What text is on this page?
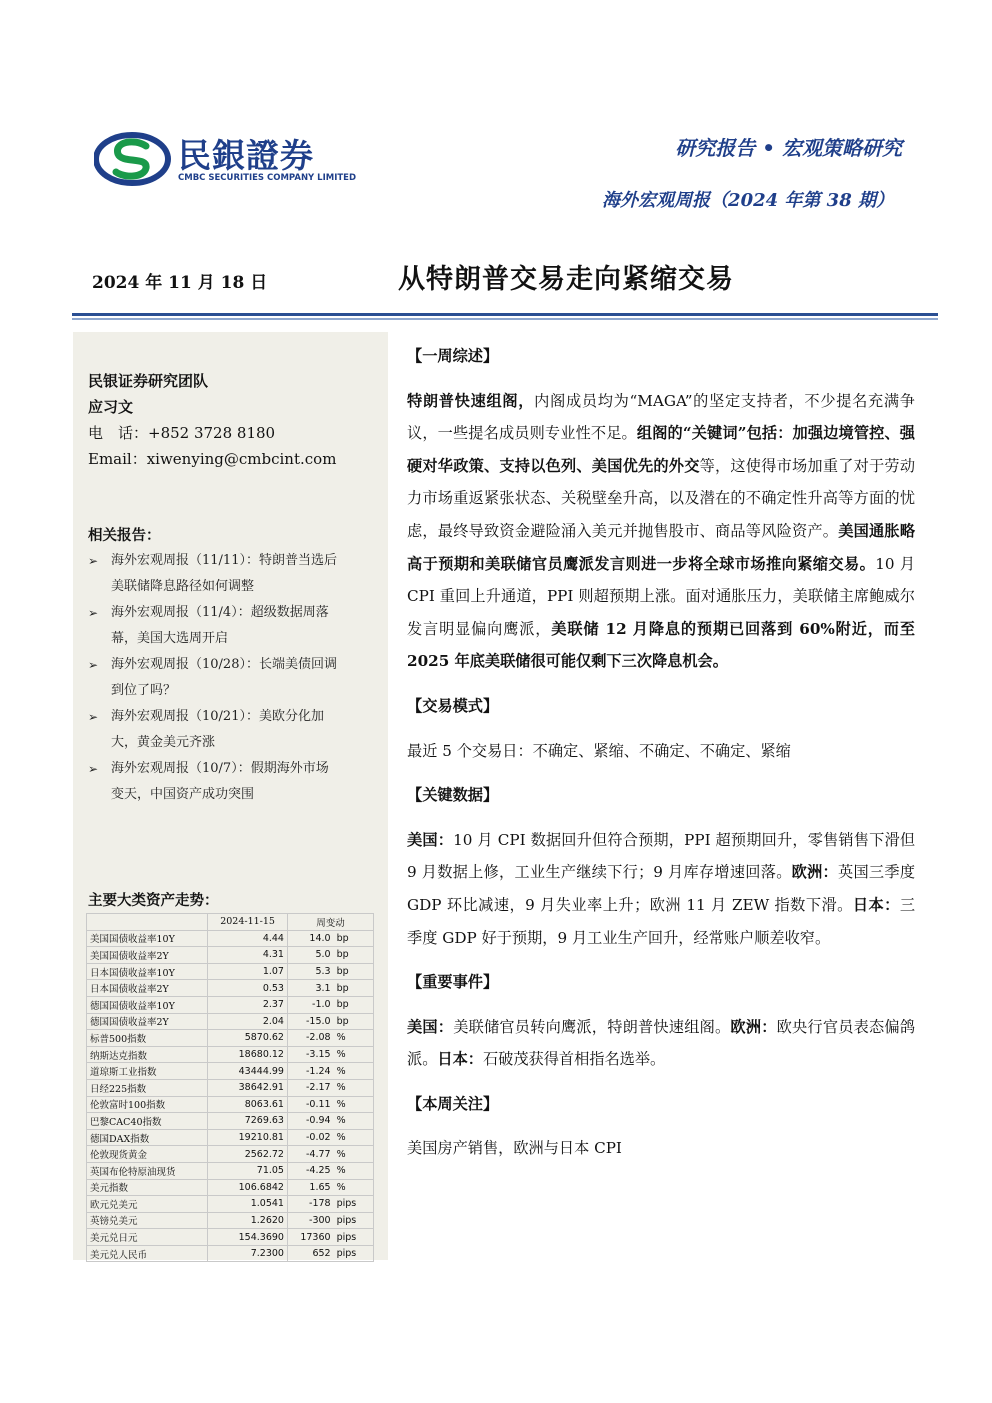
民銀證券
CMBC SECURITIES COMPANY LIMITED
研究报告 • 宏观策略研究
海外宏观周报（2024 年第 38 期）
2024 年 11 月 18 日	从特朗普交易走向紧缩交易
民银证券研究团队
应习文
电　话：+852 3728 8180
Email：xiwenying@cmbcint.com
相关报告：
➢ 海外宏观周报（11/11）：特朗普当选后
美联储降息路径如何调整
➢ 海外宏观周报（11/4）：超级数据周落
幕，美国大选周开启
➢ 海外宏观周报（10/28）：长端美债回调
到位了吗？
➢ 海外宏观周报（10/21）：美欧分化加
大，黄金美元齐涨
➢ 海外宏观周报（10/7）：假期海外市场
变天，中国资产成功突围
主要大类资产走势：
	2024-11-15	周变动	
美国国债收益率10Y	4.44	14.0	bp
美国国债收益率2Y	4.31	5.0	bp
日本国债收益率10Y	1.07	5.3	bp
日本国债收益率2Y	0.53	3.1	bp
德国国债收益率10Y	2.37	-1.0	bp
德国国债收益率2Y	2.04	-15.0	bp
标普500指数	5870.62	-2.08	%
纳斯达克指数	18680.12	-3.15	%
道琼斯工业指数	43444.99	-1.24	%
日经225指数	38642.91	-2.17	%
伦敦富时100指数	8063.61	-0.11	%
巴黎CAC40指数	7269.63	-0.94	%
德国DAX指数	19210.81	-0.02	%
伦敦现货黄金	2562.72	-4.77	%
英国布伦特原油现货	71.05	-4.25	%
美元指数	106.6842	1.65	%
欧元兑美元	1.0541	-178	pips
英镑兑美元	1.2620	-300	pips
美元兑日元	154.3690	17360	pips
美元兑人民币	7.2300	652	pips
【一周综述】

特朗普快速组阁，内阁成员均为“MAGA”的坚定支持者，不少提名充满争议，一些提名成员则专业性不足。组阁的“关键词”包括：加强边境管控、强硬对华政策、支持以色列、美国优先的外交等，这使得市场加重了对于劳动力市场重返紧张状态、关税壁垒升高，以及潜在的不确定性升高等方面的忧虑，最终导致资金避险涌入美元并抛售股市、商品等风险资产。美国通胀略高于预期和美联储官员鹰派发言则进一步将全球市场推向紧缩交易。10 月 CPI 重回上升通道，PPI 则超预期上涨。面对通胀压力，美联储主席鲍威尔发言明显偏向鹰派，美联储 12 月降息的预期已回落到 60%附近，而至 2025 年底美联储很可能仅剩下三次降息机会。

【交易模式】

最近 5 个交易日：不确定、紧缩、不确定、不确定、紧缩

【关键数据】

美国：10 月 CPI 数据回升但符合预期，PPI 超预期回升，零售销售下滑但 9 月数据上修，工业生产继续下行；9 月库存增速回落。欧洲：英国三季度 GDP 环比减速，9 月失业率上升；欧洲 11 月 ZEW 指数下滑。日本：三季度 GDP 好于预期，9 月工业生产回升，经常账户顺差收窄。

【重要事件】

美国：美联储官员转向鹰派，特朗普快速组阁。欧洲：欧央行官员表态偏鸽派。日本：石破茂获得首相指名选举。

【本周关注】

美国房产销售，欧洲与日本 CPI
